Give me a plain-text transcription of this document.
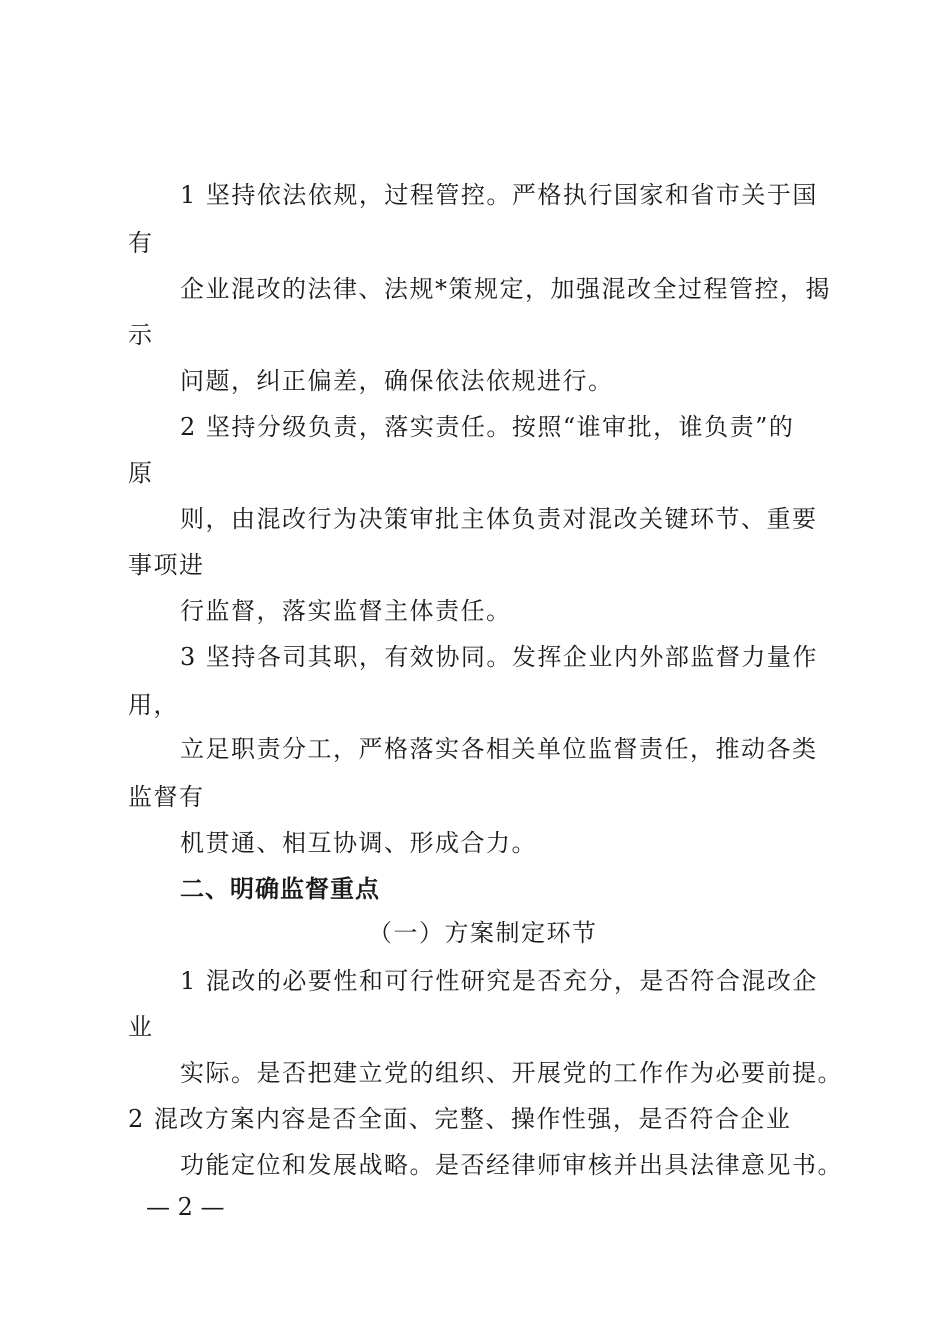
1 坚持依法依规，过程管控。严格执行国家和省市关于国
有
企业混改的法律、法规*策规定，加强混改全过程管控，揭
示
问题，纠正偏差，确保依法依规进行。
2 坚持分级负责，落实责任。按照“谁审批，谁负责”的
原
则，由混改行为决策审批主体负责对混改关键环节、重要
事项进
行监督，落实监督主体责任。
3 坚持各司其职，有效协同。发挥企业内外部监督力量作
用，
立足职责分工，严格落实各相关单位监督责任，推动各类
监督有
机贯通、相互协调、形成合力。
二、明确监督重点
（一）方案制定环节
1 混改的必要性和可行性研究是否充分，是否符合混改企
业
实际。是否把建立党的组织、开展党的工作作为必要前提。
2 混改方案内容是否全面、完整、操作性强，是否符合企业
功能定位和发展战略。是否经律师审核并出具法律意见书。
— 2 —
